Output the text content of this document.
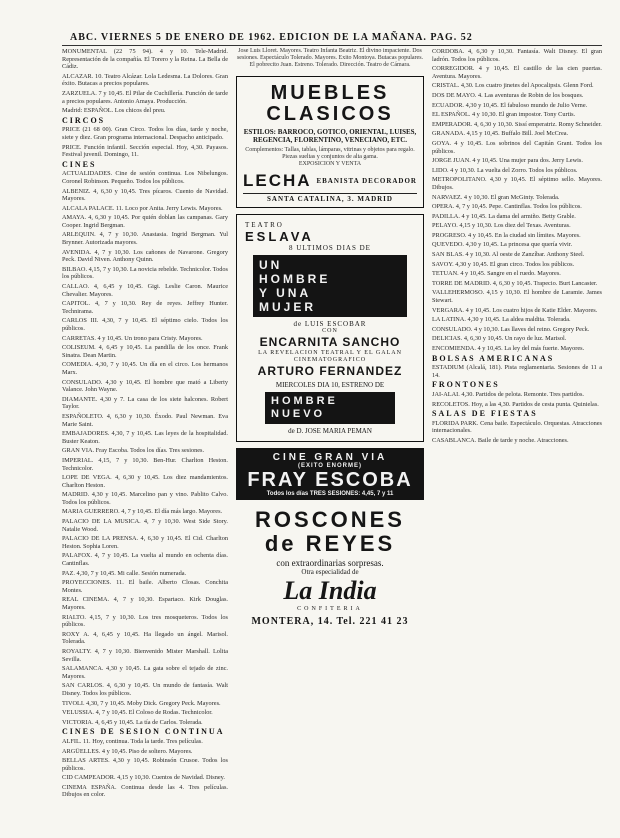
ABC. VIERNES 5 DE ENERO DE 1962. EDICION DE LA MAÑANA. PAG. 52

MONUMENTAL (22 75 94). 4 y 10. Tele-Madrid. Representación de la compañía. El Torero y la Reina. La Bella de Cádiz.

ALCAZAR. 10. Teatro Alcázar. Lola Ledesma. La Dolores. Gran éxito. Butacas a precios populares.

ZARZUELA. 7 y 10,45. El Pilar de Cuchillería. Función de tarde a precios populares. Antonio Amaya. Producción.

Madrid: ESPAÑOL. Los chicos del preu.

CIRCOS

PRICE (21 68 00). Gran Circo. Todos los días, tarde y noche, siete y diez. Gran programa internacional. Despacho anticipado.

PRICE. Función infantil. Sección especial. Hoy, 4,30. Payasos. Festival juvenil. Domingo, 11.

CINES

ACTUALIDADES. Cine de sesión continua. Los Nibelungos. Coronel Robinson. Pequeño. Todos los públicos.

ALBENIZ. 4, 6,30 y 10,45. Tres pícaros. Cuento de Navidad. Mayores.

ALCALA PALACE. 11. Loco por Anita. Jerry Lewis. Mayores.

AMAYA. 4, 6,30 y 10,45. Por quién doblan las campanas. Gary Cooper. Ingrid Bergman.

ARLEQUIN. 4, 7 y 10,30. Anastasia. Ingrid Bergman. Yul Brynner. Autorizada mayores.

AVENIDA. 4, 7 y 10,30. Los cañones de Navarone. Gregory Peck. David Niven. Anthony Quinn.

BILBAO. 4,15, 7 y 10,30. La novicia rebelde. Technicolor. Todos los públicos.

CALLAO. 4, 6,45 y 10,45. Gigi. Leslie Caron. Maurice Chevalier. Mayores.

CAPITOL. 4, 7 y 10,30. Rey de reyes. Jeffrey Hunter. Technirama.

CARLOS III. 4,30, 7 y 10,45. El séptimo cielo. Todos los públicos.

CARRETAS. 4 y 10,45. Un trono para Cristy. Mayores.

COLISEUM. 4, 6,45 y 10,45. La pandilla de los once. Frank Sinatra. Dean Martin.

COMEDIA. 4,30, 7 y 10,45. Un día en el circo. Los hermanos Marx.

CONSULADO. 4,30 y 10,45. El hombre que mató a Liberty Valance. John Wayne.

DIAMANTE. 4,30 y 7. La casa de los siete halcones. Robert Taylor.

ESPAÑOLETO. 4, 6,30 y 10,30. Éxodo. Paul Newman. Eva Marie Saint.

EMBAJADORES. 4,30, 7 y 10,45. Las leyes de la hospitalidad. Buster Keaton.

GRAN VIA. Fray Escoba. Todos los días. Tres sesiones.

IMPERIAL. 4,15, 7 y 10,30. Ben-Hur. Charlton Heston. Technicolor.

LOPE DE VEGA. 4, 6,30 y 10,45. Los diez mandamientos. Charlton Heston.

MADRID. 4,30 y 10,45. Marcelino pan y vino. Pablito Calvo. Todos los públicos.

MARIA GUERRERO. 4, 7 y 10,45. El día más largo. Mayores.

PALACIO DE LA MUSICA. 4, 7 y 10,30. West Side Story. Natalie Wood.

PALACIO DE LA PRENSA. 4, 6,30 y 10,45. El Cid. Charlton Heston. Sophia Loren.

PALAFOX. 4, 7 y 10,45. La vuelta al mundo en ochenta días. Cantinflas.

PAZ. 4,30, 7 y 10,45. Mi calle. Sesión numerada.

PROYECCIONES. 11. El baile. Alberto Closas. Conchita Montes.

REAL CINEMA. 4, 7 y 10,30. Espartaco. Kirk Douglas. Mayores.

RIALTO. 4,15, 7 y 10,30. Los tres mosqueteros. Todos los públicos.

ROXY A. 4, 6,45 y 10,45. Ha llegado un ángel. Marisol. Tolerada.

ROYALTY. 4, 7 y 10,30. Bienvenido Mister Marshall. Lolita Sevilla.

SALAMANCA. 4,30 y 10,45. La gata sobre el tejado de zinc. Mayores.

SAN CARLOS. 4, 6,30 y 10,45. Un mundo de fantasía. Walt Disney. Todos los públicos.

TIVOLI. 4,30, 7 y 10,45. Moby Dick. Gregory Peck. Mayores.

VELUSSIA. 4, 7 y 10,45. El Coloso de Rodas. Technicolor.

VICTORIA. 4, 6,45 y 10,45. La tía de Carlos. Tolerada.

CINES DE SESION CONTINUA

ALFIL. 11. Hoy, continua. Toda la tarde. Tres películas.

ARGÜELLES. 4 y 10,45. Piso de soltero. Mayores.

BELLAS ARTES. 4,30 y 10,45. Robinsón Crusoe. Todos los públicos.

CID CAMPEADOR. 4,15 y 10,30. Cuentos de Navidad. Disney.

CINEMA ESPAÑA. Continua desde las 4. Tres películas. Dibujos en color.

Jose Luis Lloret. Mayores. Teatro Infanta Beatriz. El divino impaciente. Dos sesiones. Espectáculo Tolerado. Mayores. Exito Montoya. Butacas populares. El pobrecito Juan. Estreno. Tolerado. Dirección. Teatro de Cámara.
MUEBLES
CLASICOS
ESTILOS: BARROCO, GOTICO, ORIENTAL, LUISES, REGENCIA, FLORENTINO, VENECIANO, ETC.
Complementos: Tallas, tablas, lámparas, vitrinas y objetos para regalo.
Piezas sueltas y conjuntos de alta gama.
EXPOSICION Y VENTA
LECHA EBANISTA DECORADOR
SANTA CATALINA, 3. MADRID
TEATRO
ESLAVA
8 ULTIMOS DIAS DE
UN
HOMBRE
Y UNA
MUJER
de LUIS ESCOBAR
CON
ENCARNITA SANCHO
LA REVELACION TEATRAL Y EL GALAN CINEMATOGRAFICO
ARTURO FERNANDEZ
MIERCOLES DIA 10, ESTRENO DE
HOMBRE
NUEVO
de D. JOSE MARIA PEMAN
CINE GRAN VIA
(EXITO ENORME)
FRAY ESCOBA
Todos los días TRES SESIONES: 4,45, 7 y 11
ROSCONES
de REYES
con extraordinarias sorpresas.
Otra especialidad de
La India
CONFITERIA
MONTERA, 14. Tel. 221 41 23

CORDOBA. 4, 6,30 y 10,30. Fantasía. Walt Disney. El gran ladrón. Todos los públicos.

CORREGIDOR. 4 y 10,45. El castillo de las cien puertas. Aventura. Mayores.

CRISTAL. 4,30. Los cuatro jinetes del Apocalipsis. Glenn Ford.

DOS DE MAYO. 4. Las aventuras de Robin de los bosques.

ECUADOR. 4,30 y 10,45. El fabuloso mundo de Julio Verne.

EL ESPAÑOL. 4 y 10,30. El gran impostor. Tony Curtis.

EMPERADOR. 4, 6,30 y 10,30. Sissí emperatriz. Romy Schneider.

GRANADA. 4,15 y 10,45. Buffalo Bill. Joel McCrea.

GOYA. 4 y 10,45. Los sobrinos del Capitán Grant. Todos los públicos.

JORGE JUAN. 4 y 10,45. Una mujer para dos. Jerry Lewis.

LIDO. 4 y 10,30. La vuelta del Zorro. Todos los públicos.

METROPOLITANO. 4,30 y 10,45. El séptimo sello. Mayores. Dibujos.

NARVAEZ. 4 y 10,30. El gran McGinty. Tolerada.

OPERA. 4, 7 y 10,45. Pepe. Cantinflas. Todos los públicos.

PADILLA. 4 y 10,45. La dama del armiño. Betty Grable.

PELAYO. 4,15 y 10,30. Los diez del Texas. Aventuras.

PROGRESO. 4 y 10,45. En la ciudad sin límites. Mayores.

QUEVEDO. 4,30 y 10,45. La princesa que quería vivir.

SAN BLAS. 4 y 10,30. Al oeste de Zanzíbar. Anthony Steel.

SAVOY. 4,30 y 10,45. El gran circo. Todos los públicos.

TETUAN. 4 y 10,45. Sangre en el ruedo. Mayores.

TORRE DE MADRID. 4, 6,30 y 10,45. Trapecio. Burt Lancaster.

VALLEHERMOSO. 4,15 y 10,30. El hombre de Laramie. James Stewart.

VERGARA. 4 y 10,45. Los cuatro hijos de Katie Elder. Mayores.

LA LATINA. 4,30 y 10,45. La aldea maldita. Tolerada.

CONSULADO. 4 y 10,30. Las llaves del reino. Gregory Peck.

DELICIAS. 4, 6,30 y 10,45. Un rayo de luz. Marisol.

ENCOMIENDA. 4 y 10,45. La ley del más fuerte. Mayores.

BOLSAS AMERICANAS

ESTADIUM (Alcalá, 181). Pista reglamentaria. Sesiones de 11 a 14.

FRONTONES

JAI-ALAI. 4,30. Partidos de pelota. Remonte. Tres partidos.

RECOLETOS. Hoy, a las 4,30. Partidos de cesta punta. Quinielas.

SALAS DE FIESTAS

FLORIDA PARK. Cena baile. Espectáculo. Orquestas. Atracciones internacionales.

CASABLANCA. Baile de tarde y noche. Atracciones.
